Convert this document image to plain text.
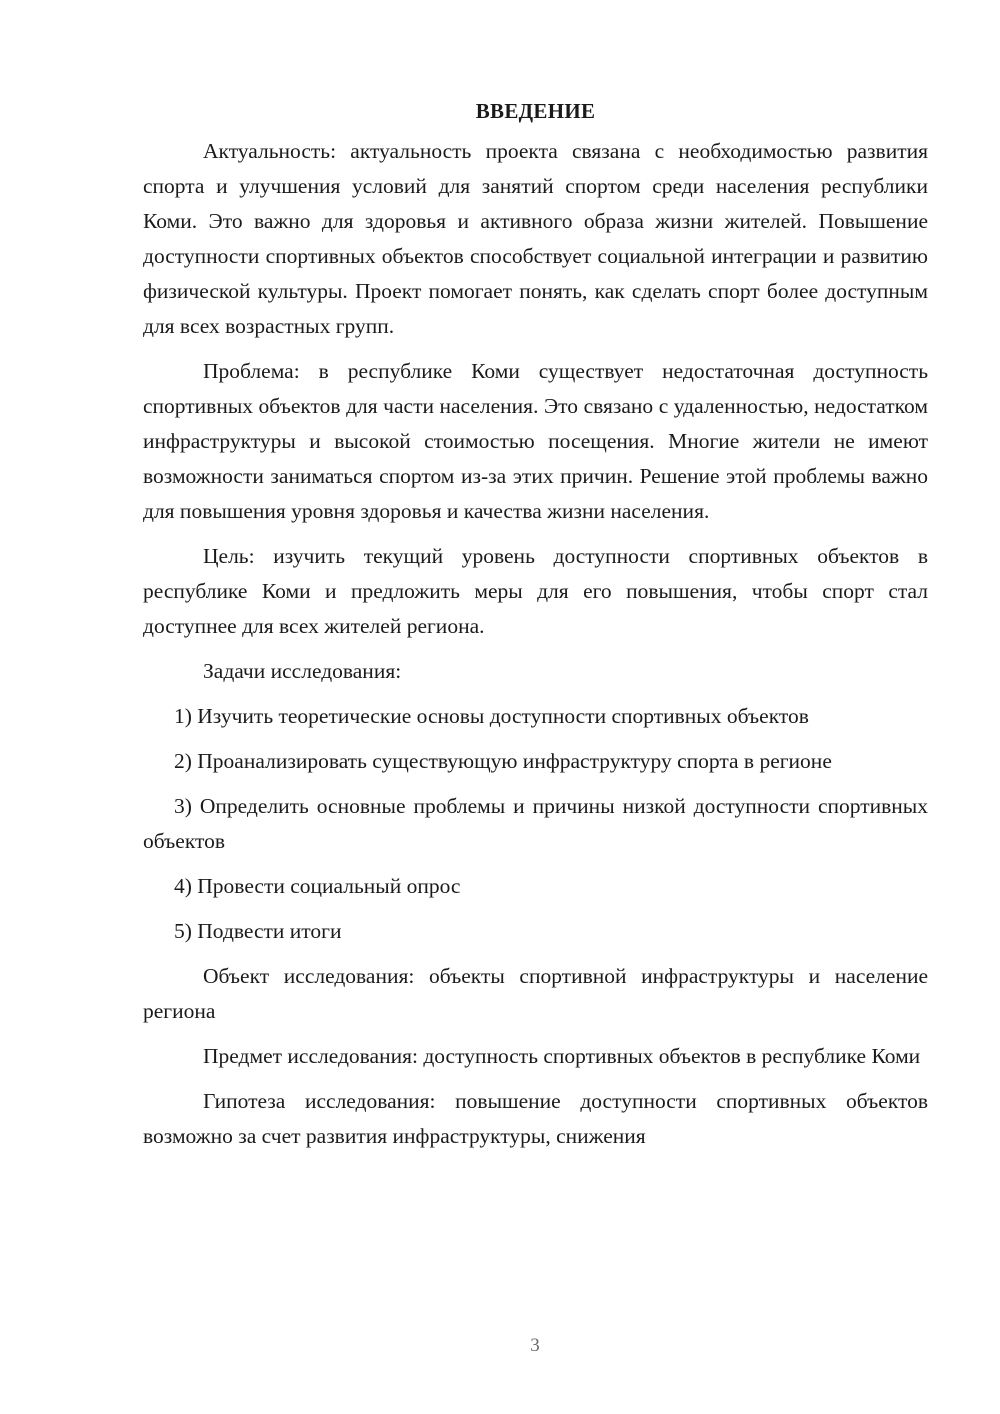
ВВЕДЕНИЕ

Актуальность: актуальность проекта связана с необходимостью развития спорта и улучшения условий для занятий спортом среди населения республики Коми. Это важно для здоровья и активного образа жизни жителей. Повышение доступности спортивных объектов способствует социальной интеграции и развитию физической культуры. Проект помогает понять, как сделать спорт более доступным для всех возрастных групп.

Проблема: в республике Коми существует недостаточная доступность спортивных объектов для части населения. Это связано с удаленностью, недостатком инфраструктуры и высокой стоимостью посещения. Многие жители не имеют возможности заниматься спортом из-за этих причин. Решение этой проблемы важно для повышения уровня здоровья и качества жизни населения.

Цель: изучить текущий уровень доступности спортивных объектов в республике Коми и предложить меры для его повышения, чтобы спорт стал доступнее для всех жителей региона.

Задачи исследования:

1) Изучить теоретические основы доступности спортивных объектов

2) Проанализировать существующую инфраструктуру спорта в регионе

3) Определить основные проблемы и причины низкой доступности спортивных объектов

4) Провести социальный опрос

5) Подвести итоги

Объект исследования: объекты спортивной инфраструктуры и население региона

Предмет исследования: доступность спортивных объектов в республике Коми

Гипотеза исследования: повышение доступности спортивных объектов возможно за счет развития инфраструктуры, снижения

3
